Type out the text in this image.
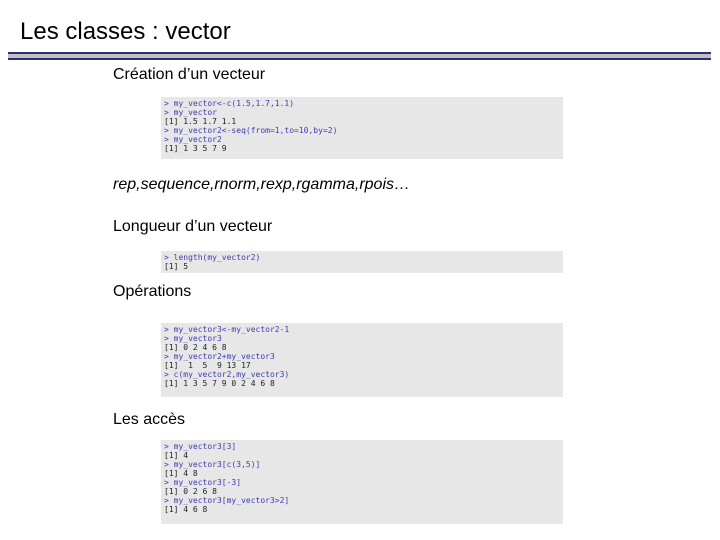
Les classes : vector
Création d’un vecteur
> my_vector<-c(1.5,1.7,1.1)
> my_vector
[1] 1.5 1.7 1.1
> my_vector2<-seq(from=1,to=10,by=2)
> my_vector2
[1] 1 3 5 7 9
rep,sequence,rnorm,rexp,rgamma,rpois…
Longueur d’un vecteur
> length(my_vector2)
[1] 5
Opérations
> my_vector3<-my_vector2-1
> my_vector3
[1] 0 2 4 6 8
> my_vector2+my_vector3
[1]  1  5  9 13 17
> c(my_vector2,my_vector3)
[1] 1 3 5 7 9 0 2 4 6 8
Les accès
> my_vector3[3]
[1] 4
> my_vector3[c(3,5)]
[1] 4 8
> my_vector3[-3]
[1] 0 2 6 8
> my_vector3[my_vector3>2]
[1] 4 6 8
